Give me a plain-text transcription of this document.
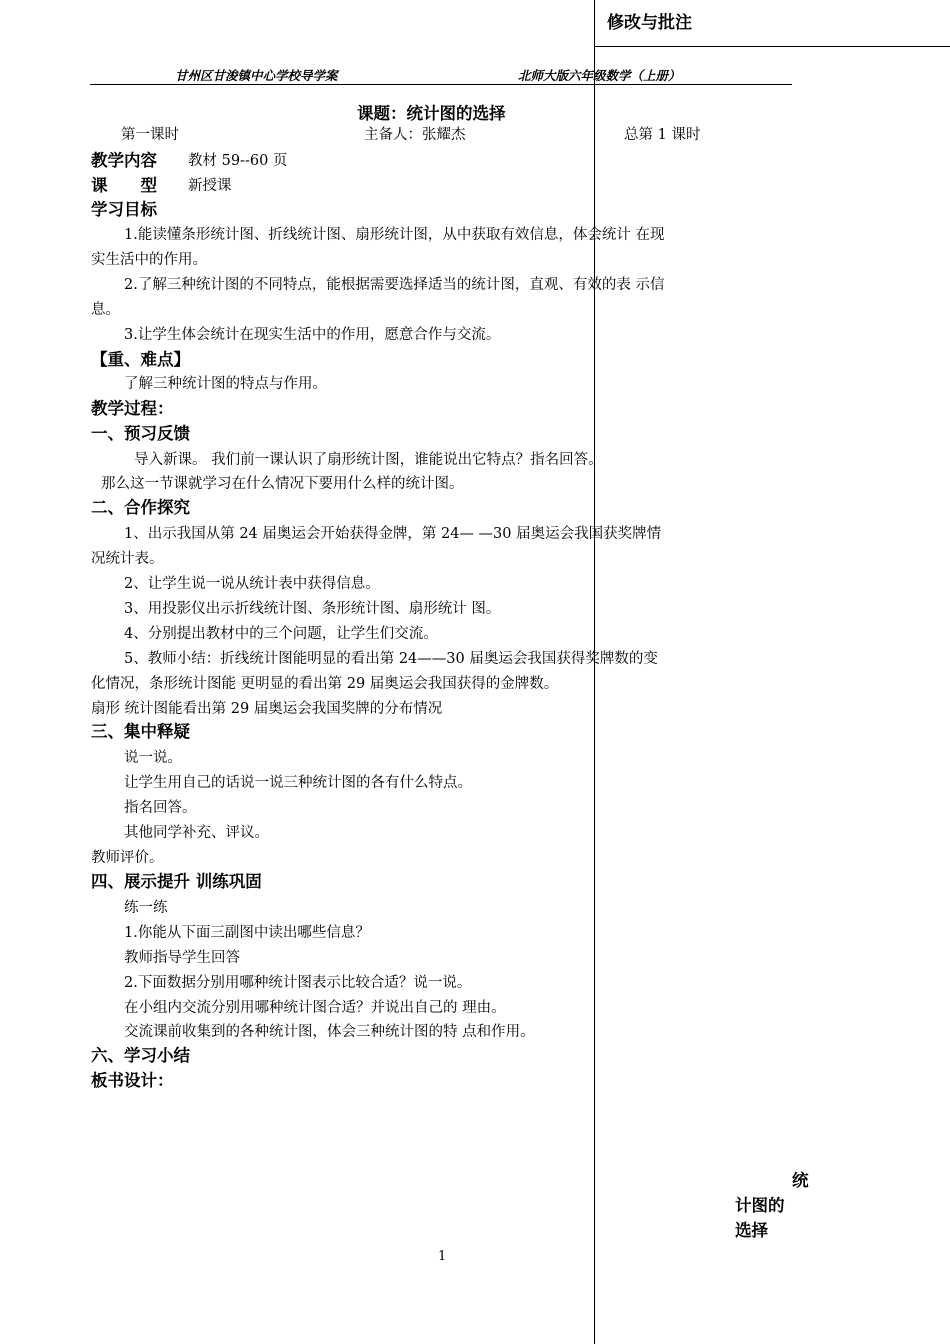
修改与批注
甘州区甘浚镇中心学校导学案	北师大版六年级数学（上册）
课题：统计图的选择
第一课时	主备人：张耀杰	总第 1 课时
教学内容 教材 59--60 页
课　　型 新授课
学习目标
1.能读懂条形统计图、折线统计图、扇形统计图，从中获取有效信息，体会统计 在现
实生活中的作用。
2.了解三种统计图的不同特点，能根据需要选择适当的统计图，直观、有效的表 示信
息。
3.让学生体会统计在现实生活中的作用，愿意合作与交流。
【重、难点】
了解三种统计图的特点与作用。
教学过程：
一、预习反馈
导入新课。 我们前一课认识了扇形统计图，谁能说出它特点？指名回答。
那么这一节课就学习在什么情况下要用什么样的统计图。
二、合作探究
1、出示我国从第 24 届奥运会开始获得金牌，第 24— —30 届奥运会我国获奖牌情
况统计表。
2、让学生说一说从统计表中获得信息。
3、用投影仪出示折线统计图、条形统计图、扇形统计 图。
4、分别提出教材中的三个问题，让学生们交流。
5、教师小结：折线统计图能明显的看出第 24——30 届奥运会我国获得奖牌数的变
化情况，条形统计图能 更明显的看出第 29 届奥运会我国获得的金牌数。
扇形 统计图能看出第 29 届奥运会我国奖牌的分布情况
三、集中释疑
说一说。
让学生用自己的话说一说三种统计图的各有什么特点。
指名回答。
其他同学补充、评议。
教师评价。
四、展示提升 训练巩固
练一练
1.你能从下面三副图中读出哪些信息？
教师指导学生回答
2.下面数据分别用哪种统计图表示比较合适？说一说。
在小组内交流分别用哪种统计图合适？并说出自己的 理由。
交流课前收集到的各种统计图，体会三种统计图的特 点和作用。
六、学习小结
板书设计：
统
计图的
选择
1
